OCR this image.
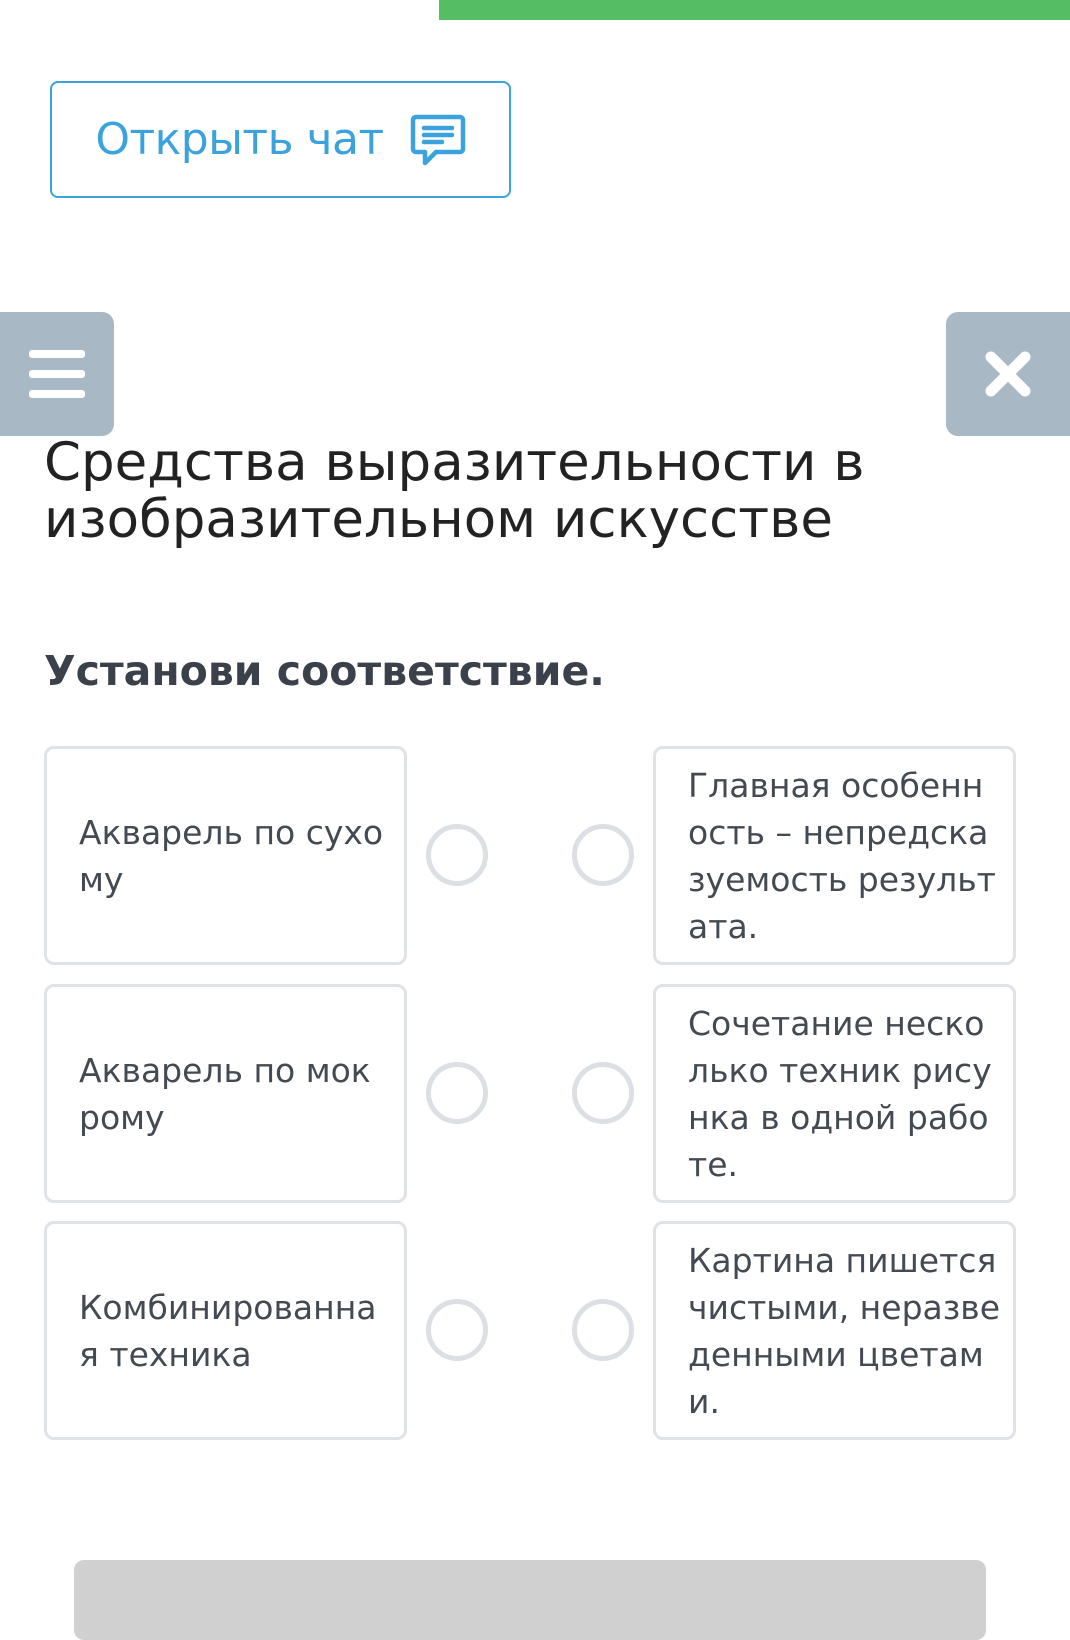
Открыть чат
Средства выразительности в изобразительном искусстве

Установи соответствие.

Акварель по сухому
Главная особенность – непредсказуемость результата.
Акварель по мокрому
Сочетание несколько техник рисунка в одной работе.
Комбинированная техника
Картина пишется чистыми, неразведенными цветами.
